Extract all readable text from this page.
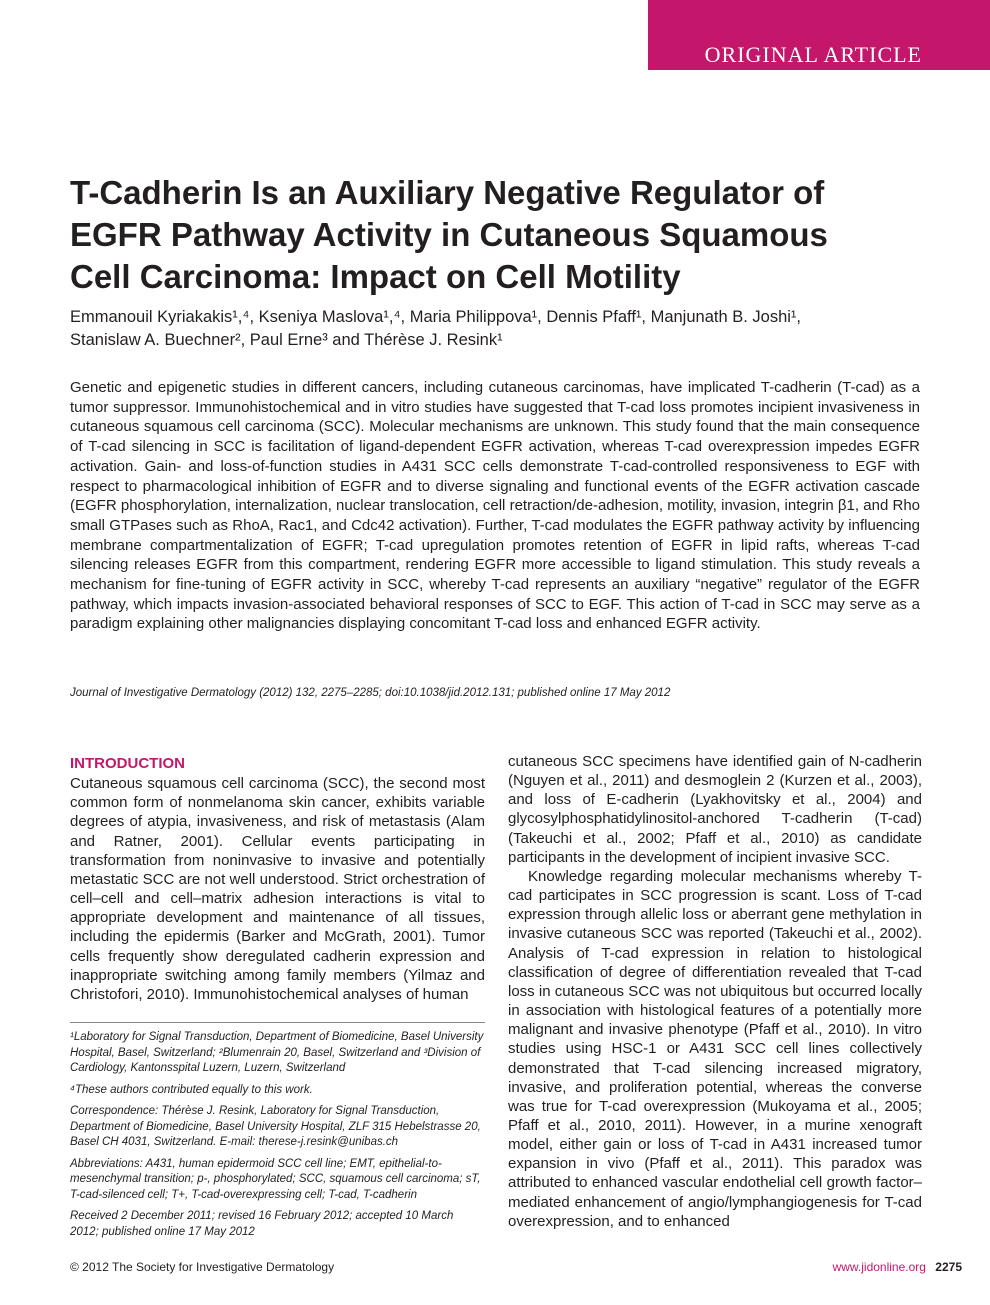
ORIGINAL ARTICLE
T-Cadherin Is an Auxiliary Negative Regulator of
EGFR Pathway Activity in Cutaneous Squamous
Cell Carcinoma: Impact on Cell Motility
Emmanouil Kyriakakis¹,⁴, Kseniya Maslova¹,⁴, Maria Philippova¹, Dennis Pfaff¹, Manjunath B. Joshi¹,
Stanislaw A. Buechner², Paul Erne³ and Thérèse J. Resink¹

Genetic and epigenetic studies in different cancers, including cutaneous carcinomas, have implicated T-cadherin (T-cad) as a tumor suppressor. Immunohistochemical and in vitro studies have suggested that T-cad loss promotes incipient invasiveness in cutaneous squamous cell carcinoma (SCC). Molecular mechanisms are unknown. This study found that the main consequence of T-cad silencing in SCC is facilitation of ligand-dependent EGFR activation, whereas T-cad overexpression impedes EGFR activation. Gain- and loss-of-function studies in A431 SCC cells demonstrate T-cad-controlled responsiveness to EGF with respect to pharmacological inhibition of EGFR and to diverse signaling and functional events of the EGFR activation cascade (EGFR phosphorylation, internalization, nuclear translocation, cell retraction/de-adhesion, motility, invasion, integrin β1, and Rho small GTPases such as RhoA, Rac1, and Cdc42 activation). Further, T-cad modulates the EGFR pathway activity by influencing membrane compartmentalization of EGFR; T-cad upregulation promotes retention of EGFR in lipid rafts, whereas T-cad silencing releases EGFR from this compartment, rendering EGFR more accessible to ligand stimulation. This study reveals a mechanism for fine-tuning of EGFR activity in SCC, whereby T-cad represents an auxiliary “negative” regulator of the EGFR pathway, which impacts invasion-associated behavioral responses of SCC to EGF. This action of T-cad in SCC may serve as a paradigm explaining other malignancies displaying concomitant T-cad loss and enhanced EGFR activity.

Journal of Investigative Dermatology (2012) 132, 2275–2285; doi:10.1038/jid.2012.131; published online 17 May 2012
INTRODUCTION

Cutaneous squamous cell carcinoma (SCC), the second most common form of nonmelanoma skin cancer, exhibits variable degrees of atypia, invasiveness, and risk of metastasis (Alam and Ratner, 2001). Cellular events participating in transformation from noninvasive to invasive and potentially metastatic SCC are not well understood. Strict orchestration of cell–cell and cell–matrix adhesion interactions is vital to appropriate development and maintenance of all tissues, including the epidermis (Barker and McGrath, 2001). Tumor cells frequently show deregulated cadherin expression and inappropriate switching among family members (Yilmaz and Christofori, 2010). Immunohistochemical analyses of human

cutaneous SCC specimens have identified gain of N-cadherin (Nguyen et al., 2011) and desmoglein 2 (Kurzen et al., 2003), and loss of E-cadherin (Lyakhovitsky et al., 2004) and glycosylphosphatidylinositol-anchored T-cadherin (T-cad) (Takeuchi et al., 2002; Pfaff et al., 2010) as candidate participants in the development of incipient invasive SCC.

Knowledge regarding molecular mechanisms whereby T-cad participates in SCC progression is scant. Loss of T-cad expression through allelic loss or aberrant gene methylation in invasive cutaneous SCC was reported (Takeuchi et al., 2002). Analysis of T-cad expression in relation to histological classification of degree of differentiation revealed that T-cad loss in cutaneous SCC was not ubiquitous but occurred locally in association with histological features of a potentially more malignant and invasive phenotype (Pfaff et al., 2010). In vitro studies using HSC-1 or A431 SCC cell lines collectively demonstrated that T-cad silencing increased migratory, invasive, and proliferation potential, whereas the converse was true for T-cad overexpression (Mukoyama et al., 2005; Pfaff et al., 2010, 2011). However, in a murine xenograft model, either gain or loss of T-cad in A431 increased tumor expansion in vivo (Pfaff et al., 2011). This paradox was attributed to enhanced vascular endothelial cell growth factor–mediated enhancement of angio/lymphangiogenesis for T-cad overexpression, and to enhanced

¹Laboratory for Signal Transduction, Department of Biomedicine, Basel University Hospital, Basel, Switzerland; ²Blumenrain 20, Basel, Switzerland and ³Division of Cardiology, Kantonsspital Luzern, Luzern, Switzerland

⁴These authors contributed equally to this work.

Correspondence: Thérèse J. Resink, Laboratory for Signal Transduction, Department of Biomedicine, Basel University Hospital, ZLF 315 Hebelstrasse 20, Basel CH 4031, Switzerland. E-mail: therese-j.resink@unibas.ch

Abbreviations: A431, human epidermoid SCC cell line; EMT, epithelial-to-mesenchymal transition; p-, phosphorylated; SCC, squamous cell carcinoma; sT, T-cad-silenced cell; T+, T-cad-overexpressing cell; T-cad, T-cadherin

Received 2 December 2011; revised 16 February 2012; accepted 10 March 2012; published online 17 May 2012

© 2012 The Society for Investigative Dermatology	www.jidonline.org 2275
